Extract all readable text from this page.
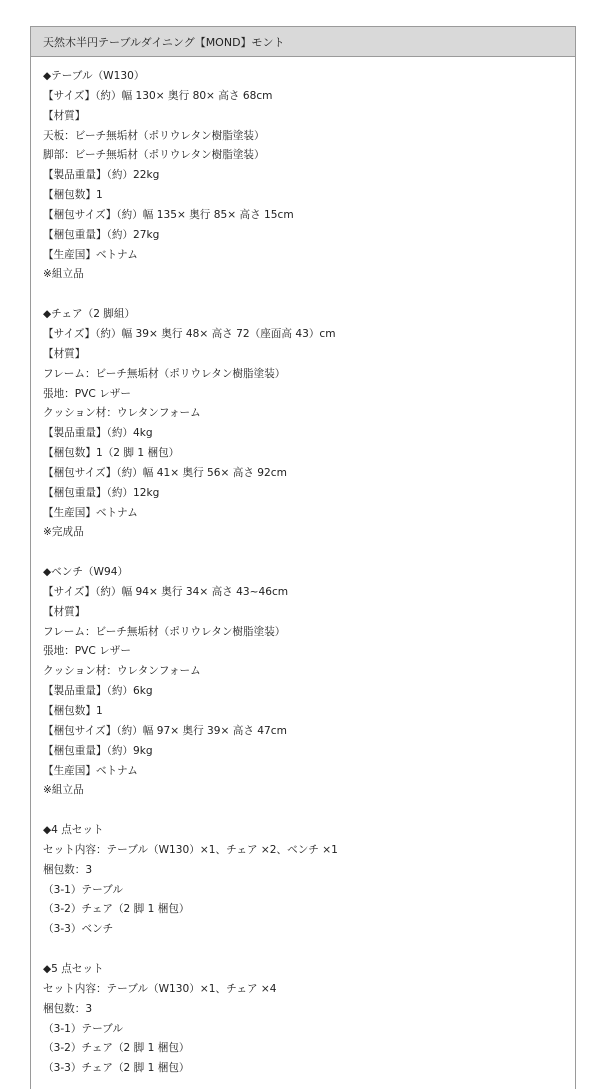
天然木半円テーブルダイニング【MOND】モント
◆テーブル（W130）
【サイズ】（約）幅 130× 奥行 80× 高さ 68cm
【材質】
天板：ビーチ無垢材（ポリウレタン樹脂塗装）
脚部：ビーチ無垢材（ポリウレタン樹脂塗装）
【製品重量】（約）22kg
【梱包数】1
【梱包サイズ】（約）幅 135× 奥行 85× 高さ 15cm
【梱包重量】（約）27kg
【生産国】ベトナム
※組立品
◆チェア（2 脚組）
【サイズ】（約）幅 39× 奥行 48× 高さ 72（座面高 43）cm
【材質】
フレーム：ビーチ無垢材（ポリウレタン樹脂塗装）
張地：PVC レザー
クッション材：ウレタンフォーム
【製品重量】（約）4kg
【梱包数】1（2 脚 1 梱包）
【梱包サイズ】（約）幅 41× 奥行 56× 高さ 92cm
【梱包重量】（約）12kg
【生産国】ベトナム
※完成品
◆ベンチ（W94）
【サイズ】（約）幅 94× 奥行 34× 高さ 43~46cm
【材質】
フレーム：ビーチ無垢材（ポリウレタン樹脂塗装）
張地：PVC レザー
クッション材：ウレタンフォーム
【製品重量】（約）6kg
【梱包数】1
【梱包サイズ】（約）幅 97× 奥行 39× 高さ 47cm
【梱包重量】（約）9kg
【生産国】ベトナム
※組立品
◆4 点セット
セット内容：テーブル（W130）×1、チェア ×2、ベンチ ×1
梱包数：3
（3-1）テーブル
（3-2）チェア（2 脚 1 梱包）
（3-3）ベンチ
◆5 点セット
セット内容：テーブル（W130）×1、チェア ×4
梱包数：3
（3-1）テーブル
（3-2）チェア（2 脚 1 梱包）
（3-3）チェア（2 脚 1 梱包）
